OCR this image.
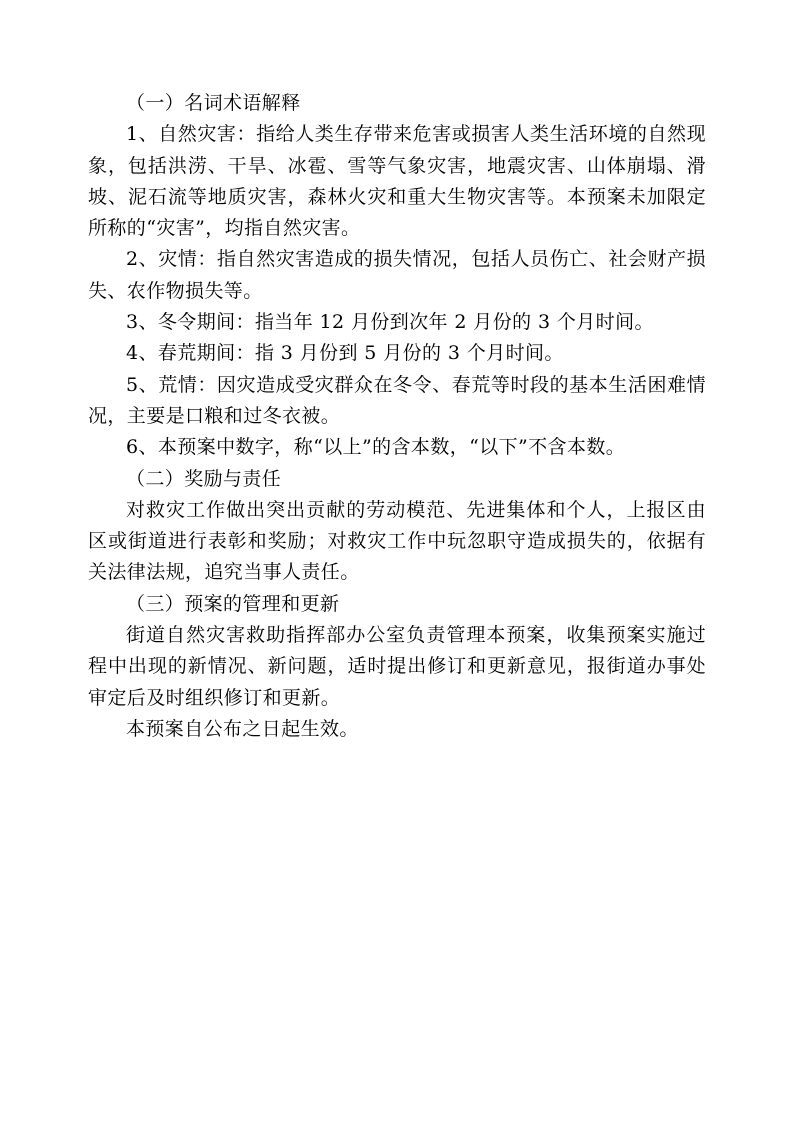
（一）名词术语解释

1、自然灾害：指给人类生存带来危害或损害人类生活环境的自然现象，包括洪涝、干旱、冰雹、雪等气象灾害，地震灾害、山体崩塌、滑坡、泥石流等地质灾害，森林火灾和重大生物灾害等。本预案未加限定所称的“灾害”，均指自然灾害。

2、灾情：指自然灾害造成的损失情况，包括人员伤亡、社会财产损失、农作物损失等。

3、冬令期间：指当年 12 月份到次年 2 月份的 3 个月时间。

4、春荒期间：指 3 月份到 5 月份的 3 个月时间。

5、荒情：因灾造成受灾群众在冬令、春荒等时段的基本生活困难情况，主要是口粮和过冬衣被。

6、本预案中数字，称“以上”的含本数，“以下”不含本数。

（二）奖励与责任

对救灾工作做出突出贡献的劳动模范、先进集体和个人，上报区由区或街道进行表彰和奖励；对救灾工作中玩忽职守造成损失的，依据有关法律法规，追究当事人责任。

（三）预案的管理和更新

街道自然灾害救助指挥部办公室负责管理本预案，收集预案实施过程中出现的新情况、新问题，适时提出修订和更新意见，报街道办事处审定后及时组织修订和更新。

本预案自公布之日起生效。
